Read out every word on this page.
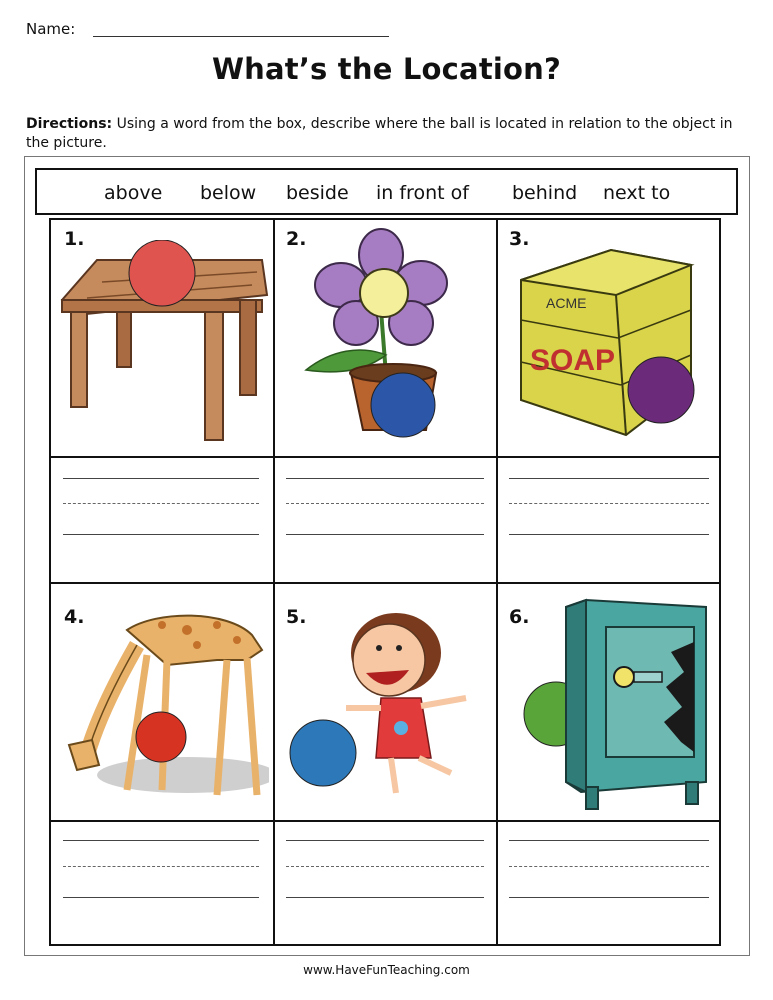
Name:
What’s the Location?
Directions: Using a word from the box, describe where the ball is located in relation to the object in the picture.
above below beside in front of behind next to
1.	2.	3.
4.	5.	6.
ACME
SOAP
www.HaveFunTeaching.com
